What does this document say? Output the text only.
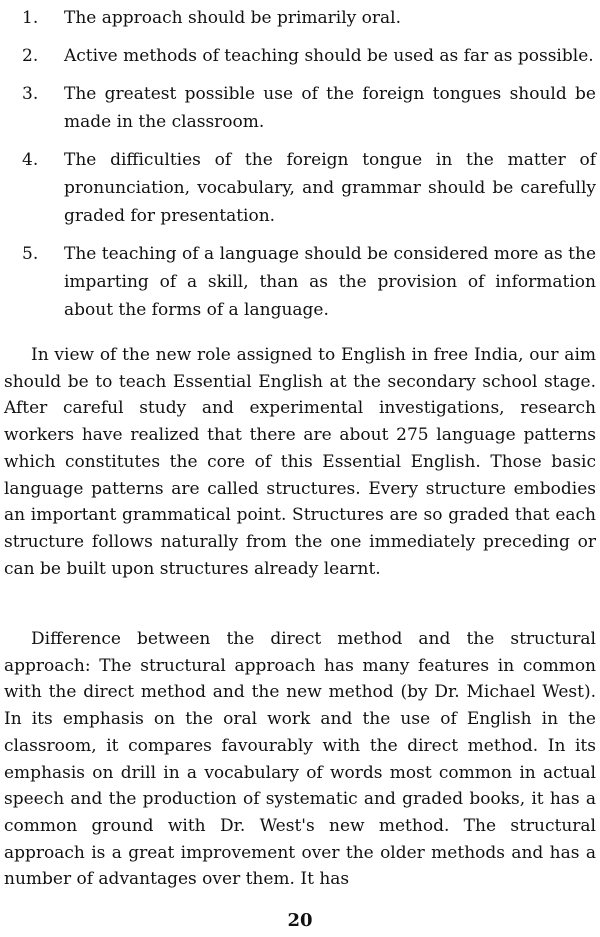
1.	The approach should be primarily oral.
2.	Active methods of teaching should be used as far as possible.
3.	The greatest possible use of the foreign tongues should be made in the classroom.
4.	The difficulties of the foreign tongue in the matter of pronunciation, vocabulary, and grammar should be carefully graded for presentation.
5.	The teaching of a language should be considered more as the imparting of a skill, than as the provision of information about the forms of a language.

In view of the new role assigned to English in free India, our aim should be to teach Essential English at the secondary school stage. After careful study and experimental investigations, research workers have realized that there are about 275 language patterns which constitutes the core of this Essential English. Those basic language patterns are called structures. Every structure embodies an important grammatical point. Structures are so graded that each structure follows naturally from the one immediately preceding or can be built upon structures already learnt.

Difference between the direct method and the structural approach: The structural approach has many features in common with the direct method and the new method (by Dr. Michael West). In its emphasis on the oral work and the use of English in the classroom, it compares favourably with the direct method. In its emphasis on drill in a vocabulary of words most common in actual speech and the production of systematic and graded books, it has a common ground with Dr. West's new method. The structural approach is a great improvement over the older methods and has a number of advantages over them. It has

20
